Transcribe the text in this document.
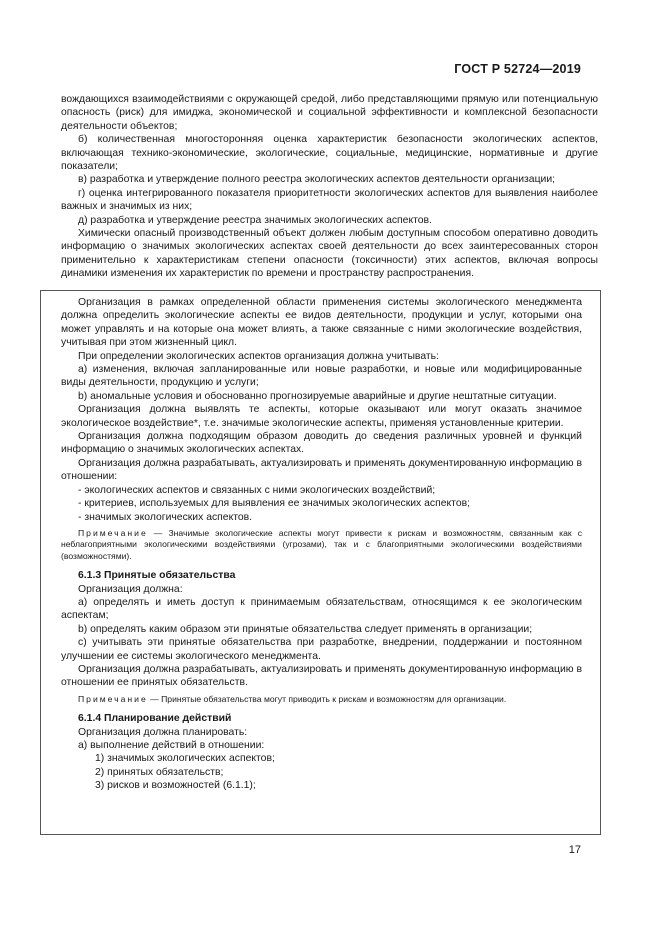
ГОСТ Р 52724—2019

вождающихся взаимодействиями с окружающей средой, либо представляющими прямую или потенциальную опасность (риск) для имиджа, экономической и социальной эффективности и комплексной безопасности деятельности объектов;

б) количественная многосторонняя оценка характеристик безопасности экологических аспектов, включающая технико-экономические, экологические, социальные, медицинские, нормативные и другие показатели;

в) разработка и утверждение полного реестра экологических аспектов деятельности организации;

г) оценка интегрированного показателя приоритетности экологических аспектов для выявления наиболее важных и значимых из них;

д) разработка и утверждение реестра значимых экологических аспектов.

Химически опасный производственный объект должен любым доступным способом оперативно доводить информацию о значимых экологических аспектах своей деятельности до всех заинтересованных сторон применительно к характеристикам степени опасности (токсичности) этих аспектов, включая вопросы динамики изменения их характеристик по времени и пространству распространения.

Организация в рамках определенной области применения системы экологического менеджмента должна определить экологические аспекты ее видов деятельности, продукции и услуг, которыми она может управлять и на которые она может влиять, а также связанные с ними экологические воздействия, учитывая при этом жизненный цикл.

При определении экологических аспектов организация должна учитывать:

а) изменения, включая запланированные или новые разработки, и новые или модифицированные виды деятельности, продукцию и услуги;

b) аномальные условия и обоснованно прогнозируемые аварийные и другие нештатные ситуации.

Организация должна выявлять те аспекты, которые оказывают или могут оказать значимое экологическое воздействие*, т.е. значимые экологические аспекты, применяя установленные критерии.

Организация должна подходящим образом доводить до сведения различных уровней и функций информацию о значимых экологических аспектах.

Организация должна разрабатывать, актуализировать и применять документированную информацию в отношении:

- экологических аспектов и связанных с ними экологических воздействий;

- критериев, используемых для выявления ее значимых экологических аспектов;

- значимых экологических аспектов.

Примечание — Значимые экологические аспекты могут привести к рискам и возможностям, связанным как с неблагоприятными экологическими воздействиями (угрозами), так и с благоприятными экологическими воздействиями (возможностями).

6.1.3 Принятые обязательства

Организация должна:

а) определять и иметь доступ к принимаемым обязательствам, относящимся к ее экологическим аспектам;

b) определять каким образом эти принятые обязательства следует применять в организации;

с) учитывать эти принятые обязательства при разработке, внедрении, поддержании и постоянном улучшении ее системы экологического менеджмента.

Организация должна разрабатывать, актуализировать и применять документированную информацию в отношении ее принятых обязательств.

Примечание — Принятые обязательства могут приводить к рискам и возможностям для организации.

6.1.4 Планирование действий

Организация должна планировать:

а) выполнение действий в отношении:

1) значимых экологических аспектов;

2) принятых обязательств;

3) рисков и возможностей (6.1.1);

17
